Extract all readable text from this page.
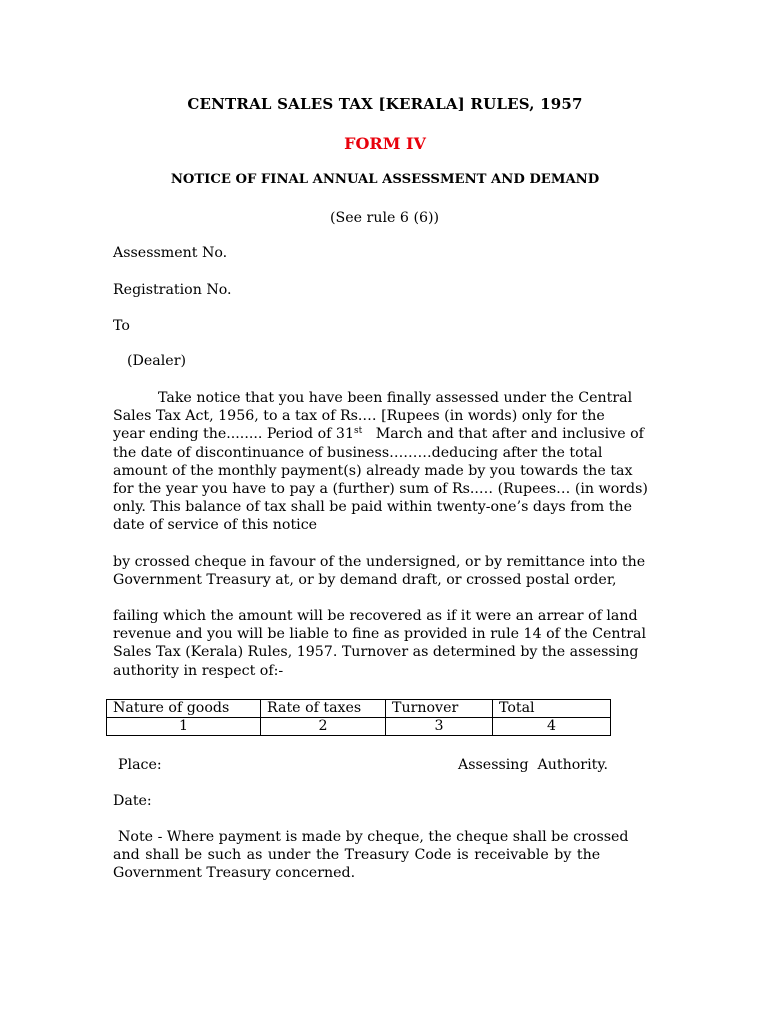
CENTRAL SALES TAX [KERALA] RULES, 1957
FORM IV
NOTICE OF FINAL ANNUAL ASSESSMENT AND DEMAND
(See rule 6 (6))
Assessment No.
Registration No.
To
(Dealer)
Take notice that you have been finally assessed under the Central
Sales Tax Act, 1956, to a tax of Rs.… [Rupees (in words) only for the
year ending the........ Period of 31st   March and that after and inclusive of
the date of discontinuance of business………deducing after the total
amount of the monthly payment(s) already made by you towards the tax
for the year you have to pay a (further) sum of Rs..… (Rupees… (in words)
only. This balance of tax shall be paid within twenty-one’s days from the
date of service of this notice
by crossed cheque in favour of the undersigned, or by remittance into the
Government Treasury at, or by demand draft, or crossed postal order,
failing which the amount will be recovered as if it were an arrear of land
revenue and you will be liable to fine as provided in rule 14 of the Central
Sales Tax (Kerala) Rules, 1957. Turnover as determined by the assessing
authority in respect of:-
Nature of goods	Rate of taxes	Turnover	Total
1	2	3	4
Place:	Assessing  Authority.
Date:
Note - Where payment is made by cheque, the cheque shall be crossed
and shall be such as under the Treasury Code is receivable by the
Government Treasury concerned.
